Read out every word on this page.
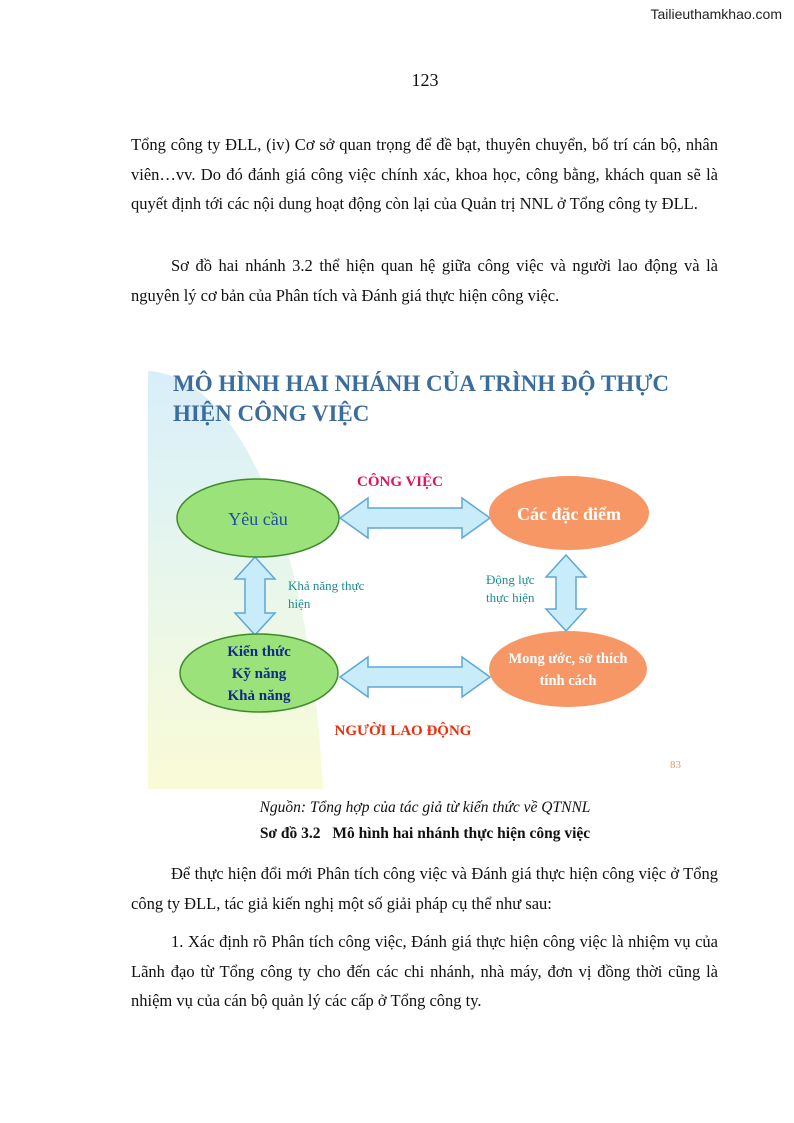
Tailieuthamkhao.com
123

Tổng công ty ĐLL, (iv) Cơ sở quan trọng để đề bạt, thuyên chuyển, bố trí cán bộ, nhân viên…vv. Do đó đánh giá công việc chính xác, khoa học, công bằng, khách quan sẽ là quyết định tới các nội dung hoạt động còn lại của Quản trị NNL ở Tổng công ty ĐLL.

Sơ đồ hai nhánh 3.2 thể hiện quan hệ giữa công việc và người lao động và là nguyên lý cơ bản của Phân tích và Đánh giá thực hiện công việc.

MÔ HÌNH HAI NHÁNH CỦA TRÌNH ĐỘ THỰC
HIỆN CÔNG VIỆC
CÔNG VIỆC
Yêu cầu	Các đặc điểm
Kiến thức
Kỹ năng
Khả năng
Mong ước, sở thích
tính cách
Khả năng thực
hiện
Động lực
thực hiện
NGƯỜI LAO ĐỘNG
83
Nguồn: Tổng hợp của tác giả từ kiến thức về QTNNL
Sơ đồ 3.2 Mô hình hai nhánh thực hiện công việc

Để thực hiện đổi mới Phân tích công việc và Đánh giá thực hiện công việc ở Tổng công ty ĐLL, tác giả kiến nghị một số giải pháp cụ thể như sau:

1. Xác định rõ Phân tích công việc, Đánh giá thực hiện công việc là nhiệm vụ của Lãnh đạo từ Tổng công ty cho đến các chi nhánh, nhà máy, đơn vị đồng thời cũng là nhiệm vụ của cán bộ quản lý các cấp ở Tổng công ty.
